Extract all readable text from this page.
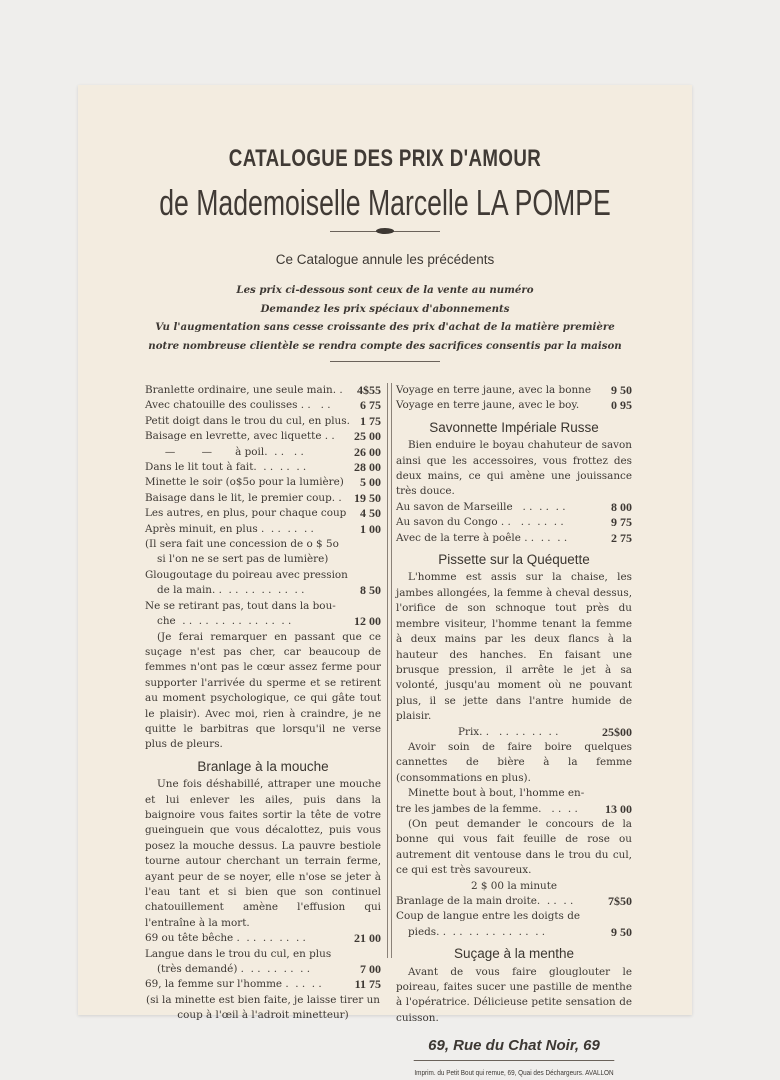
CATALOGUE DES PRIX D'AMOUR
de Mademoiselle Marcelle LA POMPE
Ce Catalogue annule les précédents
Les prix ci-dessous sont ceux de la vente au numéro
Demandez les prix spéciaux d'abonnements
Vu l'augmentation sans cesse croissante des prix d'achat de la matière première
notre nombreuse clientèle se rendra compte des sacrifices consentis par la maison
Branlette ordinaire, une seule main. . 4$55
Avec chatouille des coulisses . .   . . 6 75
Petit doigt dans le trou du cul, en plus. 1 75
Baisage en levrette, avec liquette . . 25 00
—        —       à poil.  . .   . .	26 00
Dans le lit tout à fait.  . .  . .  . .	28 00
Minette le soir (o$5o pour la lumière) 5 00
Baisage dans le lit, le premier coup. . 19 50
Les autres, en plus, pour chaque coup 4 50
Après minuit, en plus .  . .  . .  . .	1 00
(Il sera fait une concession de o $ 5o
si l'on ne se sert pas de lumière)
Glougoutage du poireau avec pression
de la main. .  . .  . .  . .  . .  . .	8 50
Ne se retirant pas, tout dans la bou-
che  . .  . .  . .  . .  . .  . .  . .	12 00
(Je ferai remarquer en passant que ce suçage n'est pas cher, car beaucoup de femmes n'ont pas le cœur assez ferme pour supporter l'arrivée du sperme et se retirent au moment psychologique, ce qui gâte tout le plaisir). Avec moi, rien à craindre, je ne quitte le barbitras que lorsqu'il ne verse plus de pleurs.
Branlage à la mouche
Une fois déshabillé, attraper une mouche et lui enlever les ailes, puis dans la baignoire vous faites sortir la tête de votre gueinguein que vous décalottez, puis vous posez la mouche dessus. La pauvre bestiole tourne autour cherchant un terrain ferme, ayant peur de se noyer, elle n'ose se jeter à l'eau tant et si bien que son continuel chatouillement amène l'effusion qui l'entraîne à la mort.
69 ou tête bêche .  . .  . .  . .  . .	21 00
Langue dans le trou du cul, en plus
(très demandé) .  . .  . .  . .  . .	7 00
69, la femme sur l'homme .  . .  . .	11 75
(si la minette est bien faite, je laisse tirer un coup à l'œil à l'adroit minetteur)
Voyage en terre jaune, avec la bonne 9 50
Voyage en terre jaune, avec le boy.	0 95
Savonnette Impériale Russe
Bien enduire le boyau chahuteur de savon ainsi que les accessoires, vous frottez des deux mains, ce qui amène une jouissance très douce.
Au savon de Marseille   . .  . .  . .	8 00
Au savon du Congo . .   . .  . .  . .	9 75
Avec de la terre à poêle . .  . .  . .	2 75
Pissette sur la Quéquette
L'homme est assis sur la chaise, les jambes allongées, la femme à cheval dessus, l'orifice de son schnoque tout près du membre visiteur, l'homme tenant la femme à deux mains par les deux flancs à la hauteur des hanches. En faisant une brusque pression, il arrête le jet à sa volonté, jusqu'au moment où ne pouvant plus, il se jette dans l'antre humide de plaisir.
Prix. .   . .  . .  . .  . .	25$00
Avoir soin de faire boire quelques cannettes de bière à la femme (consommations en plus).
Minette bout à bout, l'homme en-
tre les jambes de la femme.   . .  . . 13 00
(On peut demander le concours de la bonne qui vous fait feuille de rose ou autrement dit ventouse dans le trou du cul, ce qui est très savoureux.
2 $ 00 la minute
Branlage de la main droite.  . .  . .	7$50
Coup de langue entre les doigts de
pieds. .  . .  . .  . .  . .  . .  . .	9 50
Suçage à la menthe
Avant de vous faire glouglouter le poireau, faites sucer une pastille de menthe à l'opératrice. Délicieuse petite sensation de cuisson.
69, Rue du Chat Noir, 69
Imprim. du Petit Bout qui remue, 69, Quai des Déchargeurs. AVALLON
